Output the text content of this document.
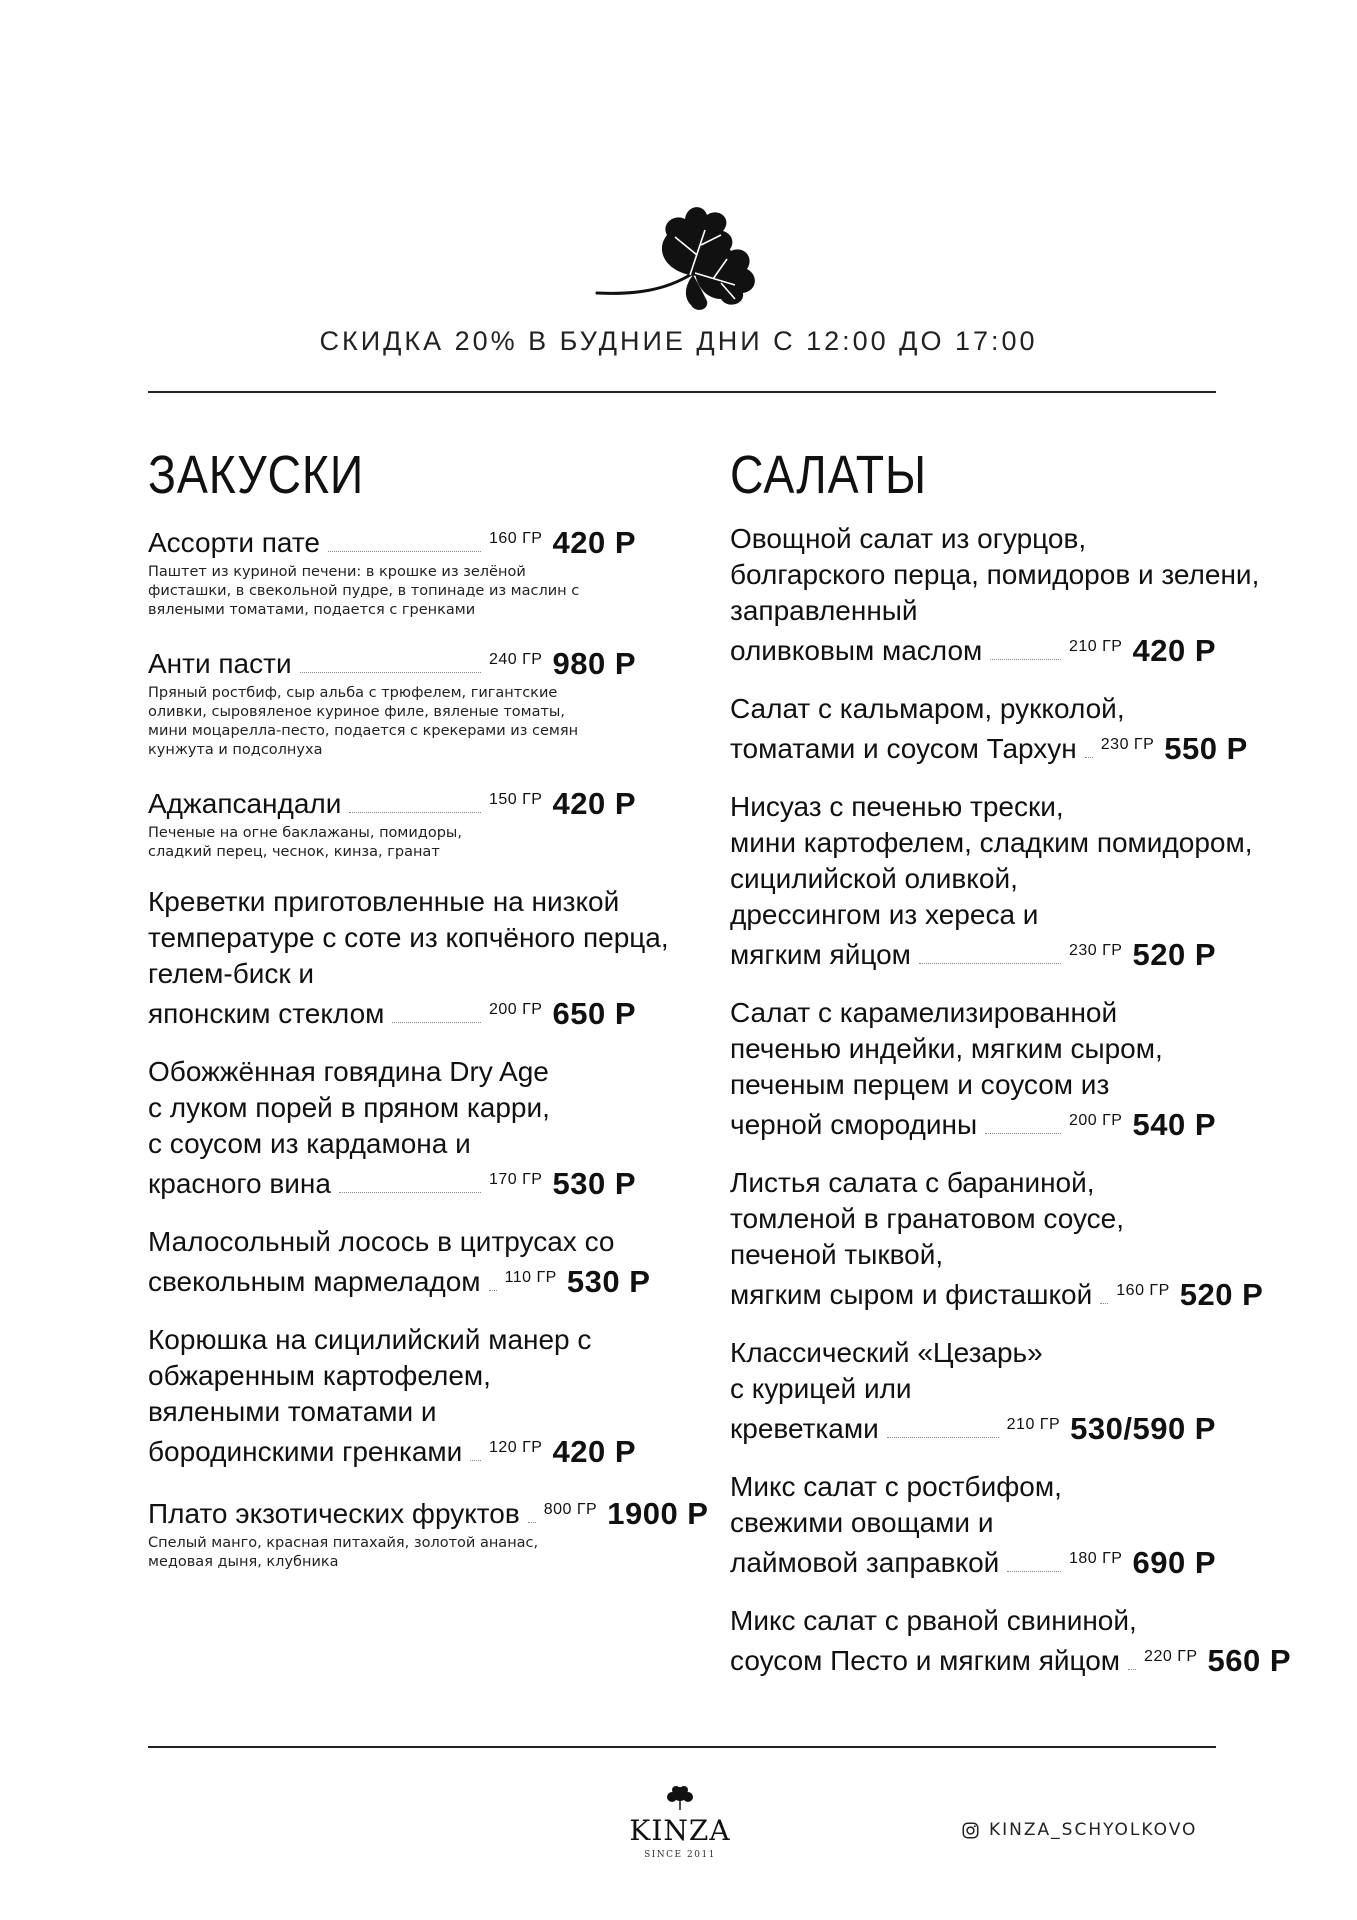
СКИДКА 20% В БУДНИЕ ДНИ С 12:00 ДО 17:00
ЗАКУСКИ
Ассорти пате	160 ГР 420 Р
Паштет из куриной печени: в крошке из зелёной
фисташки, в свекольной пудре, в топинаде из маслин с
вялеными томатами, подается с гренками
Анти пасти	240 ГР 980 Р
Пряный ростбиф, сыр альба с трюфелем, гигантские
оливки, сыровяленое куриное филе, вяленые томаты,
мини моцарелла-песто, подается с крекерами из семян
кунжута и подсолнуха
Аджапсандали	150 ГР 420 Р
Печеные на огне баклажаны, помидоры,
сладкий перец, чеснок, кинза, гранат
Креветки приготовленные на низкой
температуре с соте из копчёного перца,
гелем-биск и
японским стеклом	200 ГР 650 Р
Обожжённая говядина Dry Age
с луком порей в пряном карри,
с соусом из кардамона и
красного вина	170 ГР 530 Р
Малосольный лосось в цитрусах со
свекольным мармеладом 110 ГР 530 Р
Корюшка на сицилийский манер с
обжаренным картофелем,
вялеными томатами и
бородинскими гренками 120 ГР 420 Р
Плато экзотических фруктов 800 ГР 1900 Р
Спелый манго, красная питахайя, золотой ананас,
медовая дыня, клубника
САЛАТЫ
Овощной салат из огурцов,
болгарского перца, помидоров и зелени,
заправленный
оливковым маслом	210 ГР 420 Р
Салат с кальмаром, рукколой,
томатами и соусом Тархун 230 ГР 550 Р
Нисуаз с печенью трески,
мини картофелем, сладким помидором,
сицилийской оливкой,
дрессингом из хереса и
мягким яйцом	230 ГР 520 Р
Салат с карамелизированной
печенью индейки, мягким сыром,
печеным перцем и соусом из
черной смородины	200 ГР 540 Р
Листья салата с бараниной,
томленой в гранатовом соусе,
печеной тыквой,
мягким сыром и фисташкой 160 ГР 520 Р
Классический «Цезарь»
с курицей или
креветками	210 ГР 530/590 Р
Микс салат с ростбифом,
свежими овощами и
лаймовой заправкой	180 ГР 690 Р
Микс салат с рваной свининой,
соусом Песто и мягким яйцом 220 ГР 560 Р
KINZA
SINCE 2011
KINZA_SCHYOLKOVO
